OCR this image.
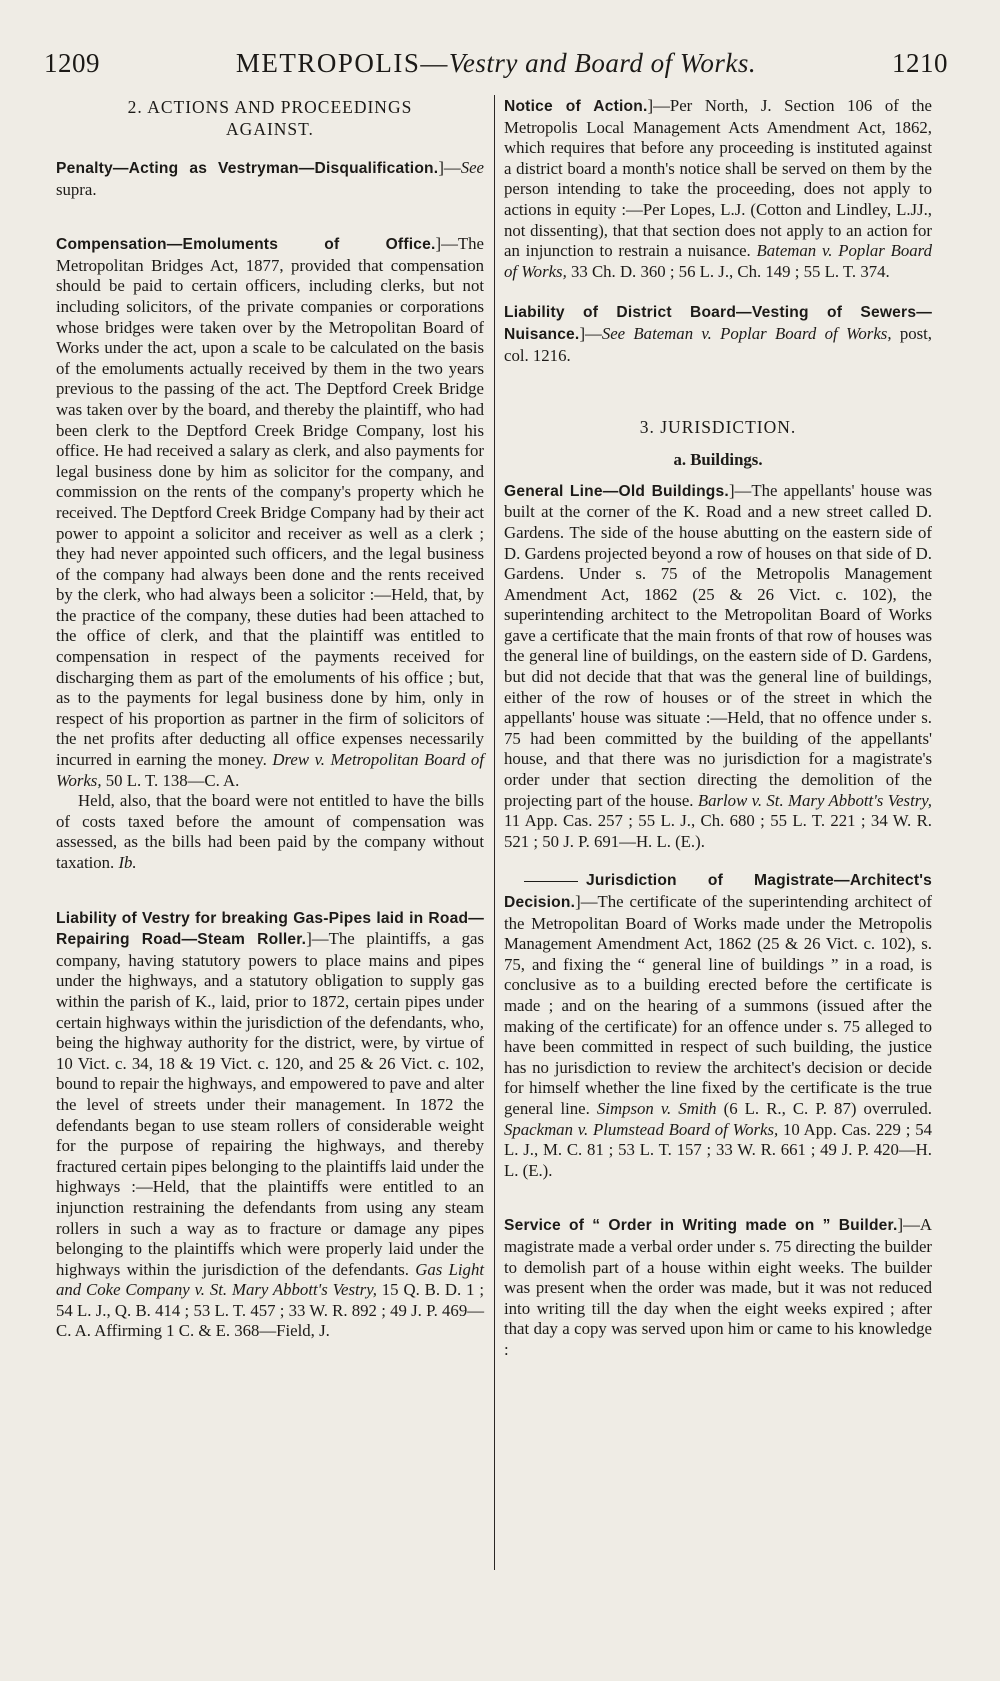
1209	METROPOLIS—Vestry and Board of Works.	1210
2. ACTIONS AND PROCEEDINGS
AGAINST.

Penalty—Acting as Vestryman—Disqualification.]—See supra.

Compensation—Emoluments of Office.]—The Metropolitan Bridges Act, 1877, provided that compensation should be paid to certain officers, including clerks, but not including solicitors, of the private companies or corporations whose bridges were taken over by the Metropolitan Board of Works under the act, upon a scale to be calculated on the basis of the emoluments actually received by them in the two years previous to the passing of the act. The Deptford Creek Bridge was taken over by the board, and thereby the plaintiff, who had been clerk to the Deptford Creek Bridge Company, lost his office. He had received a salary as clerk, and also payments for legal business done by him as solicitor for the company, and commission on the rents of the company's property which he received. The Deptford Creek Bridge Company had by their act power to appoint a solicitor and receiver as well as a clerk ; they had never appointed such officers, and the legal business of the company had always been done and the rents received by the clerk, who had always been a solicitor :—Held, that, by the practice of the company, these duties had been attached to the office of clerk, and that the plaintiff was entitled to compensation in respect of the payments received for discharging them as part of the emoluments of his office ; but, as to the payments for legal business done by him, only in respect of his proportion as partner in the firm of solicitors of the net profits after deducting all office expenses necessarily incurred in earning the money. Drew v. Metropolitan Board of Works, 50 L. T. 138—C. A.

Held, also, that the board were not entitled to have the bills of costs taxed before the amount of compensation was assessed, as the bills had been paid by the company without taxation. Ib.

Liability of Vestry for breaking Gas-Pipes laid in Road—Repairing Road—Steam Roller.]—The plaintiffs, a gas company, having statutory powers to place mains and pipes under the highways, and a statutory obligation to supply gas within the parish of K., laid, prior to 1872, certain pipes under certain highways within the jurisdiction of the defendants, who, being the highway authority for the district, were, by virtue of 10 Vict. c. 34, 18 & 19 Vict. c. 120, and 25 & 26 Vict. c. 102, bound to repair the highways, and empowered to pave and alter the level of streets under their management. In 1872 the defendants began to use steam rollers of considerable weight for the purpose of repairing the highways, and thereby fractured certain pipes belonging to the plaintiffs laid under the highways :—Held, that the plaintiffs were entitled to an injunction restraining the defendants from using any steam rollers in such a way as to fracture or damage any pipes belonging to the plaintiffs which were properly laid under the highways within the jurisdiction of the defendants. Gas Light and Coke Company v. St. Mary Abbott's Vestry, 15 Q. B. D. 1 ; 54 L. J., Q. B. 414 ; 53 L. T. 457 ; 33 W. R. 892 ; 49 J. P. 469—C. A. Affirming 1 C. & E. 368—Field, J.

Notice of Action.]—Per North, J. Section 106 of the Metropolis Local Management Acts Amendment Act, 1862, which requires that before any proceeding is instituted against a district board a month's notice shall be served on them by the person intending to take the proceeding, does not apply to actions in equity :—Per Lopes, L.J. (Cotton and Lindley, L.JJ., not dissenting), that that section does not apply to an action for an injunction to restrain a nuisance. Bateman v. Poplar Board of Works, 33 Ch. D. 360 ; 56 L. J., Ch. 149 ; 55 L. T. 374.

Liability of District Board—Vesting of Sewers—Nuisance.]—See Bateman v. Poplar Board of Works, post, col. 1216.

3. JURISDICTION.
a. Buildings.

General Line—Old Buildings.]—The appellants' house was built at the corner of the K. Road and a new street called D. Gardens. The side of the house abutting on the eastern side of D. Gardens projected beyond a row of houses on that side of D. Gardens. Under s. 75 of the Metropolis Management Amendment Act, 1862 (25 & 26 Vict. c. 102), the superintending architect to the Metropolitan Board of Works gave a certificate that the main fronts of that row of houses was the general line of buildings, on the eastern side of D. Gardens, but did not decide that that was the general line of buildings, either of the row of houses or of the street in which the appellants' house was situate :—Held, that no offence under s. 75 had been committed by the building of the appellants' house, and that there was no jurisdiction for a magistrate's order under that section directing the demolition of the projecting part of the house. Barlow v. St. Mary Abbott's Vestry, 11 App. Cas. 257 ; 55 L. J., Ch. 680 ; 55 L. T. 221 ; 34 W. R. 521 ; 50 J. P. 691—H. L. (E.).

Jurisdiction of Magistrate—Architect's Decision.]—The certificate of the superintending architect of the Metropolitan Board of Works made under the Metropolis Management Amendment Act, 1862 (25 & 26 Vict. c. 102), s. 75, and fixing the “ general line of buildings ” in a road, is conclusive as to a building erected before the certificate is made ; and on the hearing of a summons (issued after the making of the certificate) for an offence under s. 75 alleged to have been committed in respect of such building, the justice has no jurisdiction to review the architect's decision or decide for himself whether the line fixed by the certificate is the true general line. Simpson v. Smith (6 L. R., C. P. 87) overruled. Spackman v. Plumstead Board of Works, 10 App. Cas. 229 ; 54 L. J., M. C. 81 ; 53 L. T. 157 ; 33 W. R. 661 ; 49 J. P. 420—H. L. (E.).

Service of “ Order in Writing made on ” Builder.]—A magistrate made a verbal order under s. 75 directing the builder to demolish part of a house within eight weeks. The builder was present when the order was made, but it was not reduced into writing till the day when the eight weeks expired ; after that day a copy was served upon him or came to his knowledge :
